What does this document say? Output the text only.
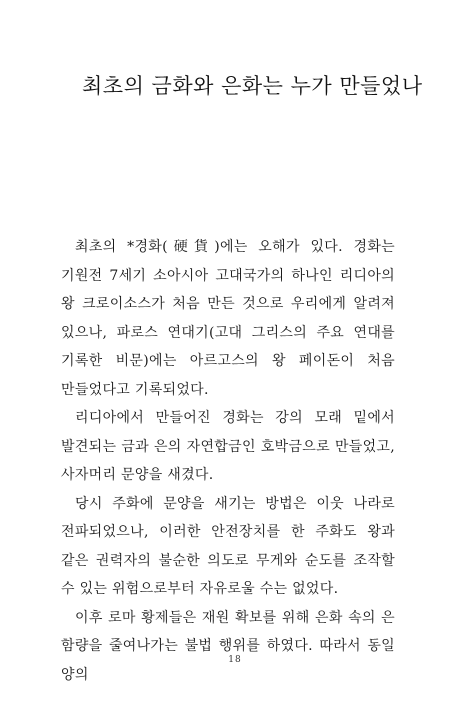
최초의 금화와 은화는 누가 만들었나

최초의 *경화(硬貨)에는 오해가 있다. 경화는 기원전 7세기 소아시아 고대국가의 하나인 리디아의 왕 크로이소스가 처음 만든 것으로 우리에게 알려져 있으나, 파로스 연대기(고대 그리스의 주요 연대를 기록한 비문)에는 아르고스의 왕 페이돈이 처음 만들었다고 기록되었다.

리디아에서 만들어진 경화는 강의 모래 밑에서 발견되는 금과 은의 자연합금인 호박금으로 만들었고, 사자머리 문양을 새겼다.

당시 주화에 문양을 새기는 방법은 이웃 나라로 전파되었으나, 이러한 안전장치를 한 주화도 왕과 같은 권력자의 불순한 의도로 무게와 순도를 조작할 수 있는 위험으로부터 자유로울 수는 없었다.

이후 로마 황제들은 재원 확보를 위해 은화 속의 은 함량을 줄여나가는 불법 행위를 하였다. 따라서 동일 양의

18
